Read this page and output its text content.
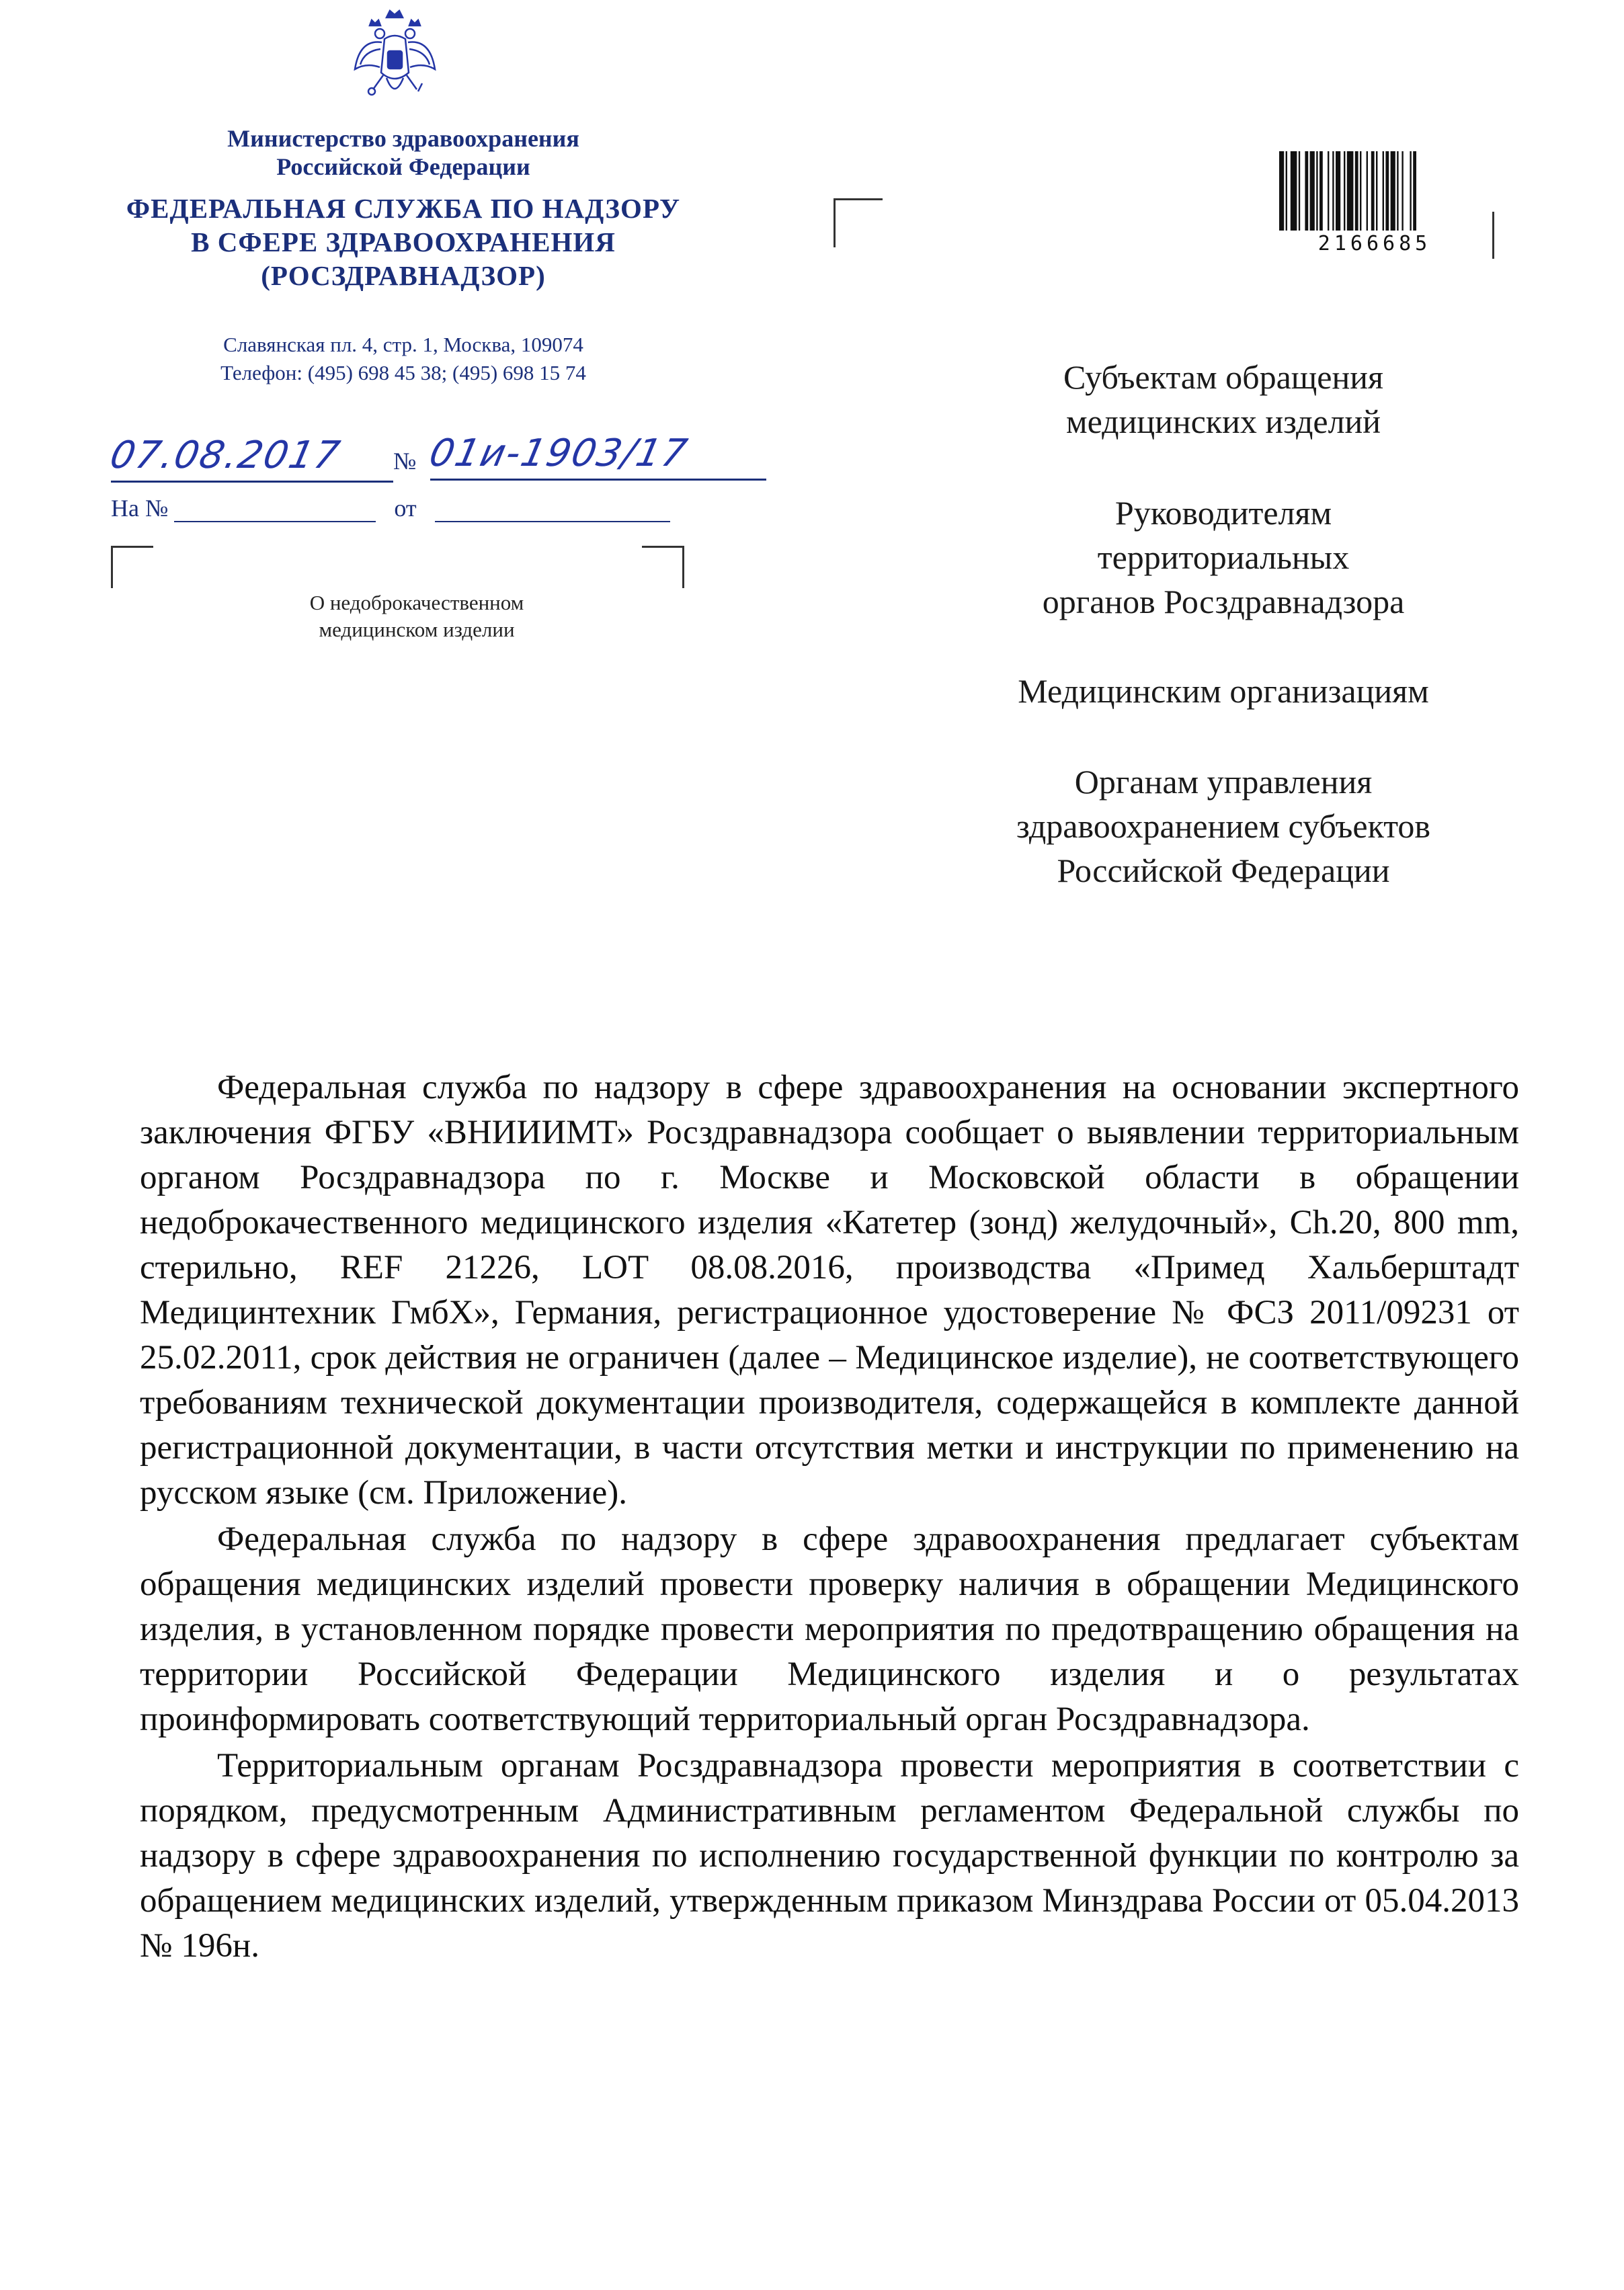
Министерство здравоохранения
Российской Федерации
ФЕДЕРАЛЬНАЯ СЛУЖБА ПО НАДЗОРУ
В СФЕРЕ ЗДРАВООХРАНЕНИЯ
(РОСЗДРАВНАДЗОР)
Славянская пл. 4, стр. 1, Москва, 109074
Телефон: (495) 698 45 38; (495) 698 15 74
07.08.2017	№ 01и-1903/17
На №	от
О недоброкачественном
медицинском изделии
2166685
Субъектам обращения
медицинских изделий
Руководителям
территориальных
органов Росздравнадзора
Медицинским организациям
Органам управления
здравоохранением субъектов
Российской Федерации

Федеральная служба по надзору в сфере здравоохранения на основании экспертного заключения ФГБУ «ВНИИИМТ» Росздравнадзора сообщает о выявлении территориальным органом Росздравнадзора по г. Москве и Московской области в обращении недоброкачественного медицинского изделия «Катетер (зонд) желудочный», Ch.20, 800 mm, стерильно, REF 21226, LOT 08.08.2016, производства «Примед Хальберштадт Медицинтехник ГмбХ», Германия, регистрационное удостоверение № ФСЗ 2011/09231 от 25.02.2011, срок действия не ограничен (далее – Медицинское изделие), не соответствующего требованиям технической документации производителя, содержащейся в комплекте данной регистрационной документации, в части отсутствия метки и инструкции по применению на русском языке (см. Приложение).

Федеральная служба по надзору в сфере здравоохранения предлагает субъектам обращения медицинских изделий провести проверку наличия в обращении Медицинского изделия, в установленном порядке провести мероприятия по предотвращению обращения на территории Российской Федерации Медицинского изделия и о результатах проинформировать соответствующий территориальный орган Росздравнадзора.

Территориальным органам Росздравнадзора провести мероприятия в соответствии с порядком, предусмотренным Административным регламентом Федеральной службы по надзору в сфере здравоохранения по исполнению государственной функции по контролю за обращением медицинских изделий, утвержденным приказом Минздрава России от 05.04.2013 № 196н.
